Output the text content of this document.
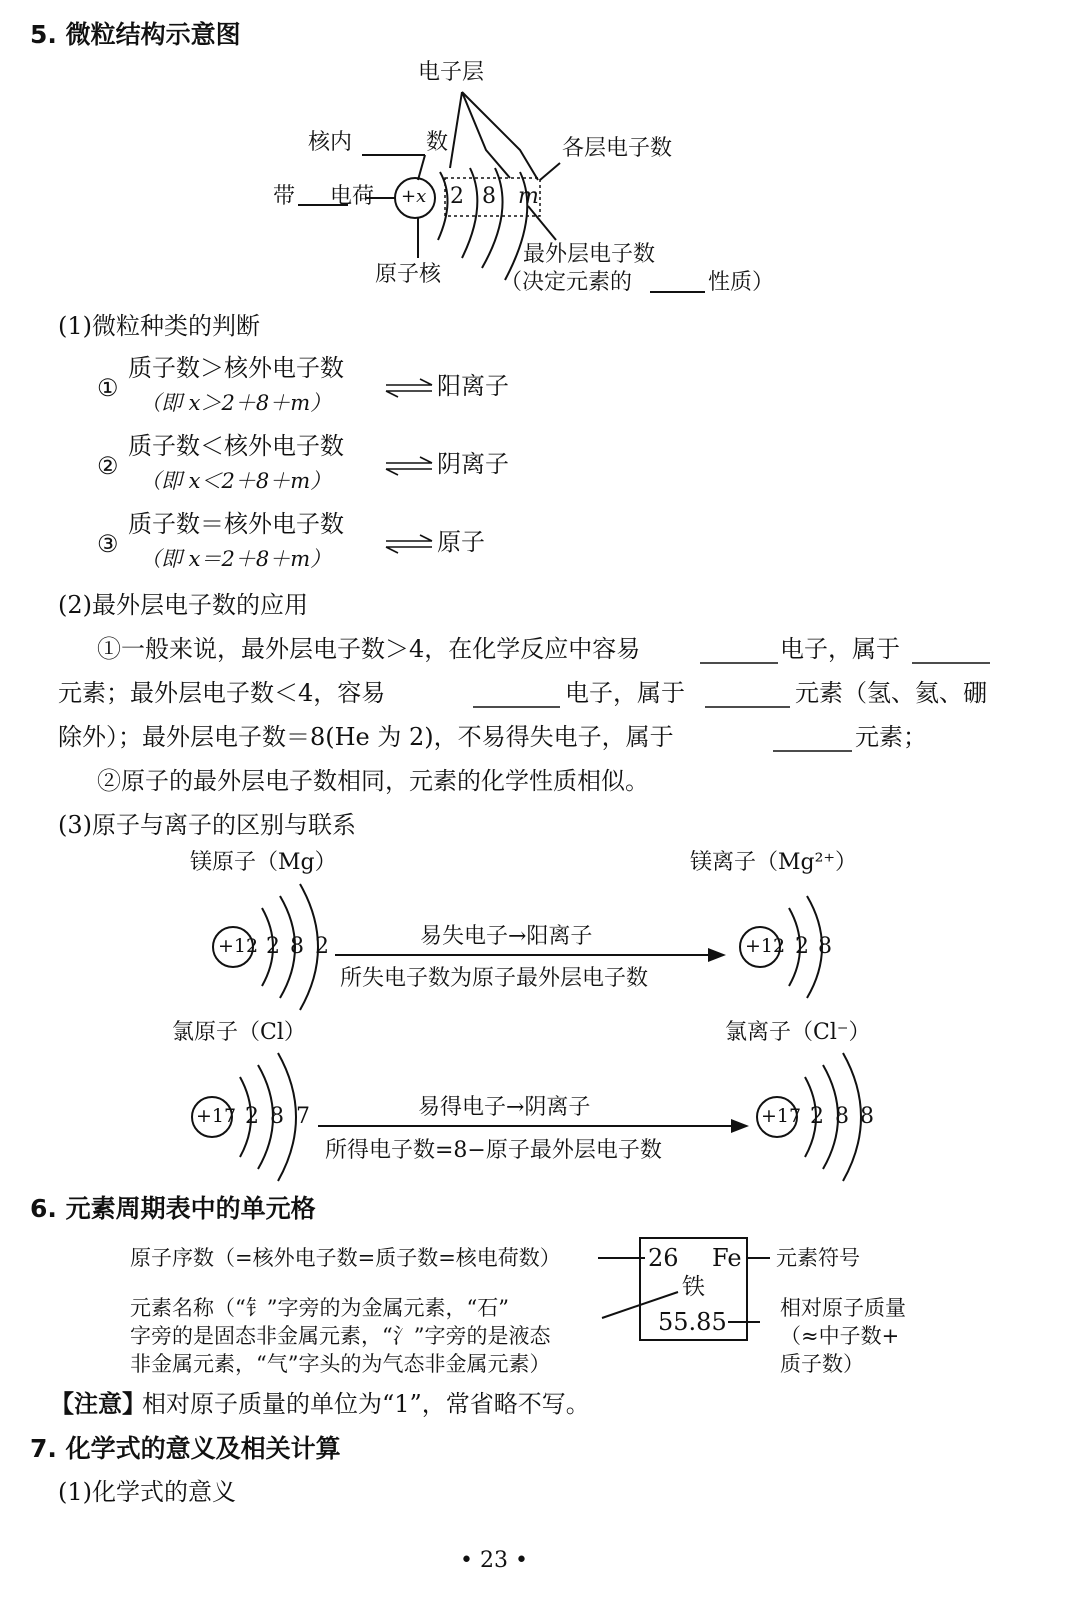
5. 微粒结构示意图
电子层
核内	数
带 电荷 +x 2 8 m
各层电子数
最外层电子数
（决定元素的	性质）
原子核
(1)微粒种类的判断
①
质子数＞核外电子数
（即 x＞2＋8＋m）
阳离子
②
质子数＜核外电子数
（即 x＜2＋8＋m）
阴离子
③
质子数＝核外电子数
（即 x＝2＋8＋m）
原子
(2)最外层电子数的应用
①一般来说，最外层电子数＞4，在化学反应中容易	电子，属于
元素；最外层电子数＜4，容易	电子，属于	元素（氢、氦、硼
除外）；最外层电子数＝8(He 为 2)，不易得失电子，属于	元素；
②原子的最外层电子数相同，元素的化学性质相似。
(3)原子与离子的区别与联系
镁原子（Mg）	镁离子（Mg²⁺）
氯原子（Cl）	氯离子（Cl⁻）
+12 2 8 2	易失电子→阳离子
所失电子数为原子最外层电子数
+12 2 8
+17 2 8 7	易得电子→阴离子
所得电子数=8−原子最外层电子数
+17 2 8 8
6. 元素周期表中的单元格
原子序数（=核外电子数=质子数=核电荷数）
元素名称（“钅”字旁的为金属元素，“石”
字旁的是固态非金属元素，“氵”字旁的是液态
非金属元素，“气”字头的为气态非金属元素）
26 Fe
铁
55.85
元素符号
相对原子质量
（≈中子数+
质子数）
【注意】
相对原子质量的单位为“1”，常省略不写。
7. 化学式的意义及相关计算
(1)化学式的意义
• 23 •
